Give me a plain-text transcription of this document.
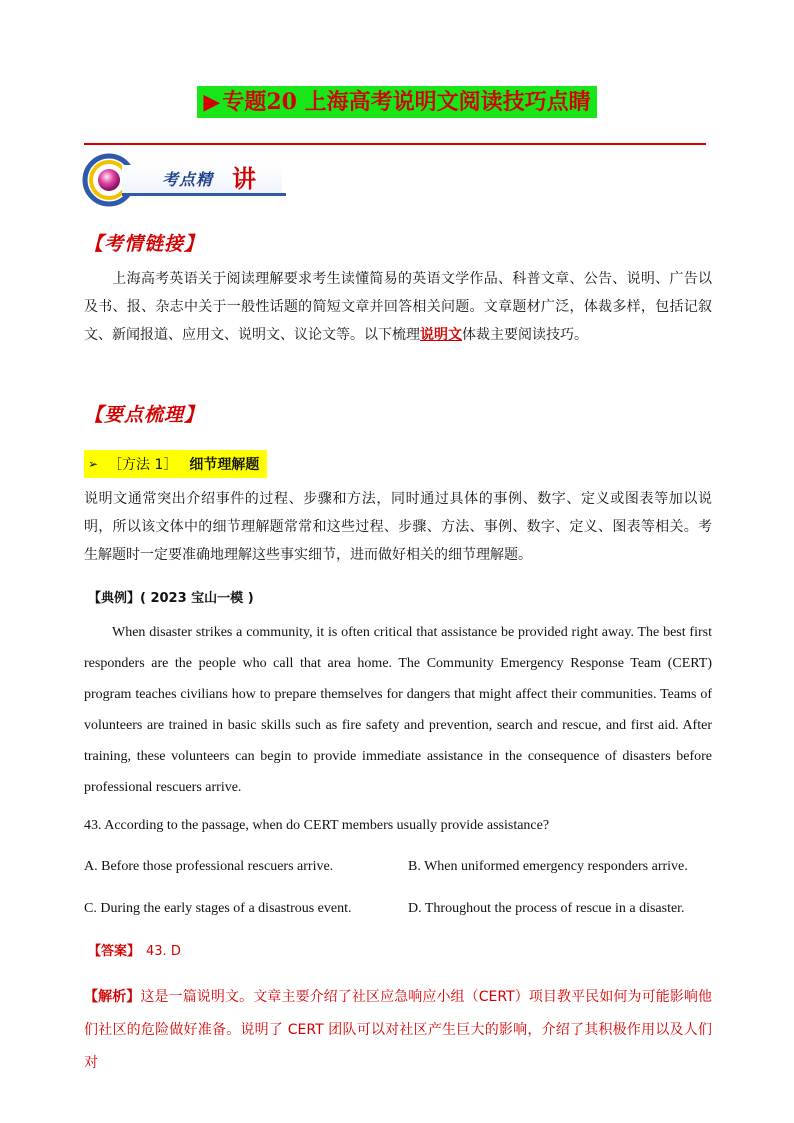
▶专题20 上海高考说明文阅读技巧点睛
考点精 讲
【考情链接】
上海高考英语关于阅读理解要求考生读懂简易的英语文学作品、科普文章、公告、说明、广告以及书、报、杂志中关于一般性话题的简短文章并回答相关问题。文章题材广泛，体裁多样，包括记叙文、新闻报道、应用文、说明文、议论文等。以下梳理说明文体裁主要阅读技巧。
【要点梳理】
➢ ［方法 1］ 细节理解题
说明文通常突出介绍事件的过程、步骤和方法，同时通过具体的事例、数字、定义或图表等加以说明，所以该文体中的细节理解题常常和这些过程、步骤、方法、事例、数字、定义、图表等相关。考生解题时一定要准确地理解这些事实细节，进而做好相关的细节理解题。
【典例】( 2023 宝山一模 )
When disaster strikes a community, it is often critical that assistance be provided right away. The best first responders are the people who call that area home. The Community Emergency Response Team (CERT) program teaches civilians how to prepare themselves for dangers that might affect their communities. Teams of volunteers are trained in basic skills such as fire safety and prevention, search and rescue, and first aid. After training, these volunteers can begin to provide immediate assistance in the consequence of disasters before professional rescuers arrive.
43. According to the passage, when do CERT members usually provide assistance?
A. Before those professional rescuers arrive.	B. When uniformed emergency responders arrive.
C. During the early stages of a disastrous event.	D. Throughout the process of rescue in a disaster.
【答案】 43. D
【解析】这是一篇说明文。文章主要介绍了社区应急响应小组（CERT）项目教平民如何为可能影响他们社区的危险做好准备。说明了 CERT 团队可以对社区产生巨大的影响，介绍了其积极作用以及人们对
